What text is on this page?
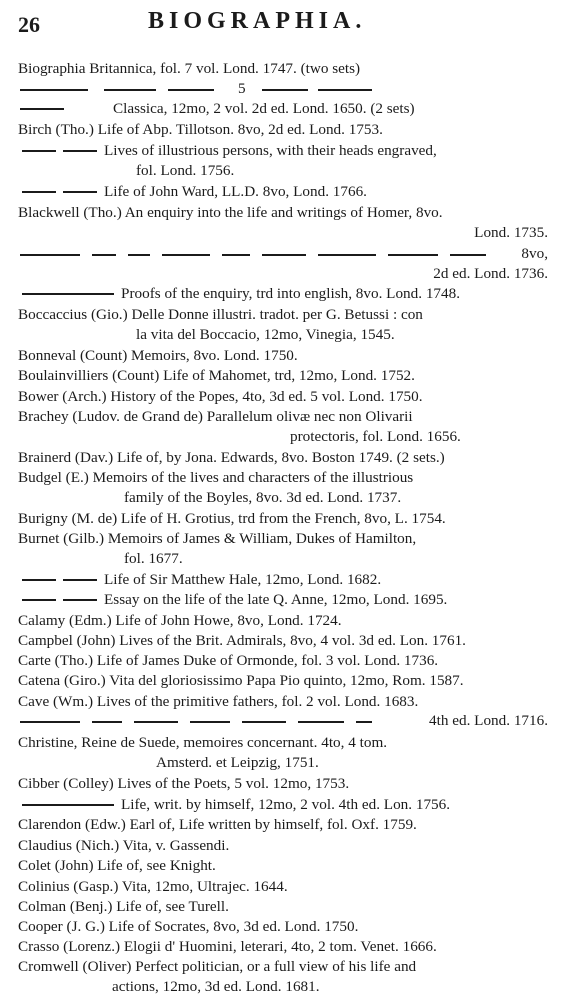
26	BIOGRAPHIA.
Biographia Britannica, fol. 7 vol. Lond. 1747. (two sets)
5
Classica, 12mo, 2 vol. 2d ed. Lond. 1650. (2 sets)
Birch (Tho.) Life of Abp. Tillotson. 8vo, 2d ed. Lond. 1753.
Lives of illustrious persons, with their heads engraved,
fol. Lond. 1756.
Life of John Ward, LL.D. 8vo, Lond. 1766.
Blackwell (Tho.) An enquiry into the life and writings of Homer, 8vo.
Lond. 1735.
8vo,
2d ed. Lond. 1736.
Proofs of the enquiry, trd into english, 8vo. Lond. 1748.
Boccaccius (Gio.) Delle Donne illustri. tradot. per G. Betussi : con
la vita del Boccacio, 12mo, Vinegia, 1545.
Bonneval (Count) Memoirs, 8vo. Lond. 1750.
Boulainvilliers (Count) Life of Mahomet, trd, 12mo, Lond. 1752.
Bower (Arch.) History of the Popes, 4to, 3d ed. 5 vol. Lond. 1750.
Brachey (Ludov. de Grand de) Parallelum olivæ nec non Olivarii
protectoris, fol. Lond. 1656.
Brainerd (Dav.) Life of, by Jona. Edwards, 8vo. Boston 1749. (2 sets.)
Budgel (E.) Memoirs of the lives and characters of the illustrious
family of the Boyles, 8vo. 3d ed. Lond. 1737.
Burigny (M. de) Life of H. Grotius, trd from the French, 8vo, L. 1754.
Burnet (Gilb.) Memoirs of James & William, Dukes of Hamilton,
fol. 1677.
Life of Sir Matthew Hale, 12mo, Lond. 1682.
Essay on the life of the late Q. Anne, 12mo, Lond. 1695.
Calamy (Edm.) Life of John Howe, 8vo, Lond. 1724.
Campbel (John) Lives of the Brit. Admirals, 8vo, 4 vol. 3d ed. Lon. 1761.
Carte (Tho.) Life of James Duke of Ormonde, fol. 3 vol. Lond. 1736.
Catena (Giro.) Vita del gloriosissimo Papa Pio quinto, 12mo, Rom. 1587.
Cave (Wm.) Lives of the primitive fathers, fol. 2 vol. Lond. 1683.
4th ed. Lond. 1716.
Christine, Reine de Suede, memoires concernant. 4to, 4 tom.
Amsterd. et Leipzig, 1751.
Cibber (Colley) Lives of the Poets, 5 vol. 12mo, 1753.
Life, writ. by himself, 12mo, 2 vol. 4th ed. Lon. 1756.
Clarendon (Edw.) Earl of, Life written by himself, fol. Oxf. 1759.
Claudius (Nich.) Vita, v. Gassendi.
Colet (John) Life of, see Knight.
Colinius (Gasp.) Vita, 12mo, Ultrajec. 1644.
Colman (Benj.) Life of, see Turell.
Cooper (J. G.) Life of Socrates, 8vo, 3d ed. Lond. 1750.
Crasso (Lorenz.) Elogii d' Huomini, leterari, 4to, 2 tom. Venet. 1666.
Cromwell (Oliver) Perfect politician, or a full view of his life and
actions, 12mo, 3d ed. Lond. 1681.
